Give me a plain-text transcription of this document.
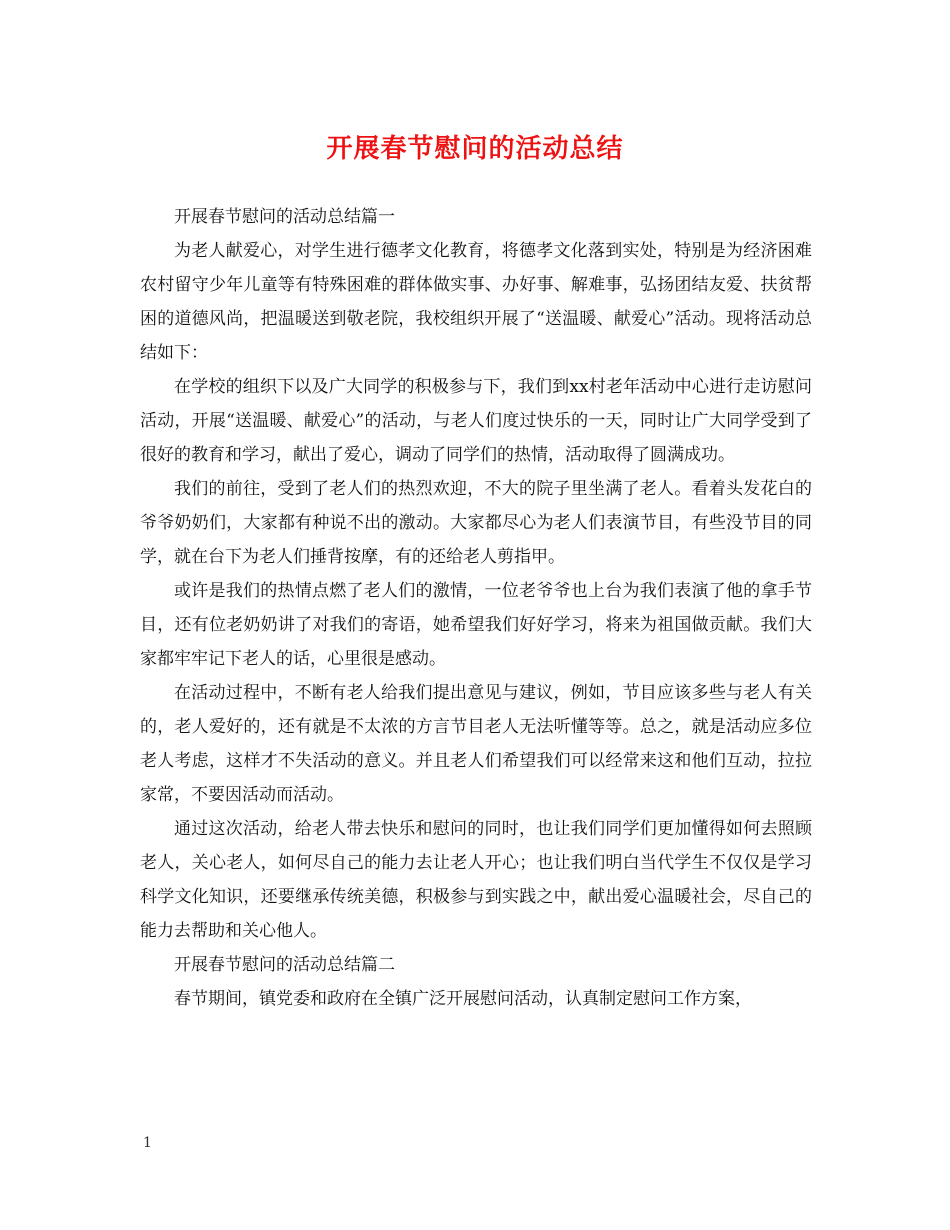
开展春节慰问的活动总结

开展春节慰问的活动总结篇一

为老人献爱心，对学生进行德孝文化教育，将德孝文化落到实处，特别是为经济困难农村留守少年儿童等有特殊困难的群体做实事、办好事、解难事，弘扬团结友爱、扶贫帮困的道德风尚，把温暖送到敬老院，我校组织开展了“送温暖、献爱心”活动。现将活动总结如下：

在学校的组织下以及广大同学的积极参与下，我们到xx村老年活动中心进行走访慰问活动，开展“送温暖、献爱心”的活动，与老人们度过快乐的一天，同时让广大同学受到了很好的教育和学习，献出了爱心，调动了同学们的热情，活动取得了圆满成功。

我们的前往，受到了老人们的热烈欢迎，不大的院子里坐满了老人。看着头发花白的爷爷奶奶们，大家都有种说不出的激动。大家都尽心为老人们表演节目，有些没节目的同学，就在台下为老人们捶背按摩，有的还给老人剪指甲。

或许是我们的热情点燃了老人们的激情，一位老爷爷也上台为我们表演了他的拿手节目，还有位老奶奶讲了对我们的寄语，她希望我们好好学习，将来为祖国做贡献。我们大家都牢牢记下老人的话，心里很是感动。

在活动过程中，不断有老人给我们提出意见与建议，例如，节目应该多些与老人有关的，老人爱好的，还有就是不太浓的方言节目老人无法听懂等等。总之，就是活动应多位老人考虑，这样才不失活动的意义。并且老人们希望我们可以经常来这和他们互动，拉拉家常，不要因活动而活动。

通过这次活动，给老人带去快乐和慰问的同时，也让我们同学们更加懂得如何去照顾老人，关心老人，如何尽自己的能力去让老人开心；也让我们明白当代学生不仅仅是学习科学文化知识，还要继承传统美德，积极参与到实践之中，献出爱心温暖社会，尽自己的能力去帮助和关心他人。

开展春节慰问的活动总结篇二

春节期间，镇党委和政府在全镇广泛开展慰问活动，认真制定慰问工作方案，

1
